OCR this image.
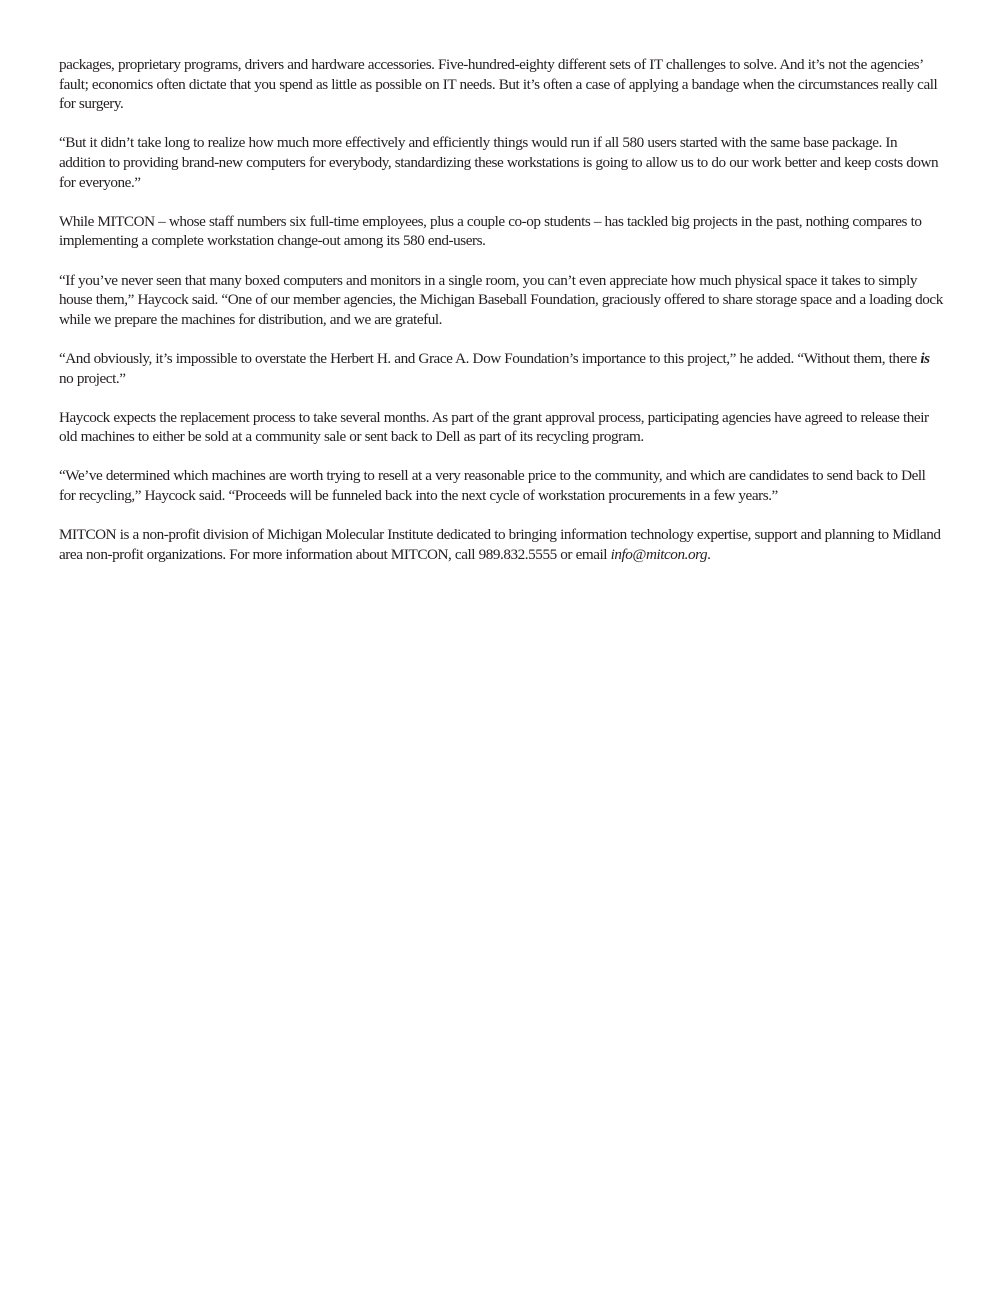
packages, proprietary programs, drivers and hardware accessories. Five-hundred-eighty different sets of IT challenges to solve. And it’s not the agencies’ fault; economics often dictate that you spend as little as possible on IT needs. But it’s often a case of applying a bandage when the circumstances really call for surgery.

“But it didn’t take long to realize how much more effectively and efficiently things would run if all 580 users started with the same base package. In addition to providing brand-new computers for everybody, standardizing these workstations is going to allow us to do our work better and keep costs down for everyone.”

While MITCON – whose staff numbers six full-time employees, plus a couple co-op students – has tackled big projects in the past, nothing compares to implementing a complete workstation change-out among its 580 end-users.

“If you’ve never seen that many boxed computers and monitors in a single room, you can’t even appreciate how much physical space it takes to simply house them,” Haycock said. “One of our member agencies, the Michigan Baseball Foundation, graciously offered to share storage space and a loading dock while we prepare the machines for distribution, and we are grateful.

“And obviously, it’s impossible to overstate the Herbert H. and Grace A. Dow Foundation’s importance to this project,” he added. “Without them, there is no project.”

Haycock expects the replacement process to take several months. As part of the grant approval process, participating agencies have agreed to release their old machines to either be sold at a community sale or sent back to Dell as part of its recycling program.

“We’ve determined which machines are worth trying to resell at a very reasonable price to the community, and which are candidates to send back to Dell for recycling,” Haycock said. “Proceeds will be funneled back into the next cycle of workstation procurements in a few years.”

MITCON is a non-profit division of Michigan Molecular Institute dedicated to bringing information technology expertise, support and planning to Midland area non-profit organizations. For more information about MITCON, call 989.832.5555 or email info@mitcon.org.
